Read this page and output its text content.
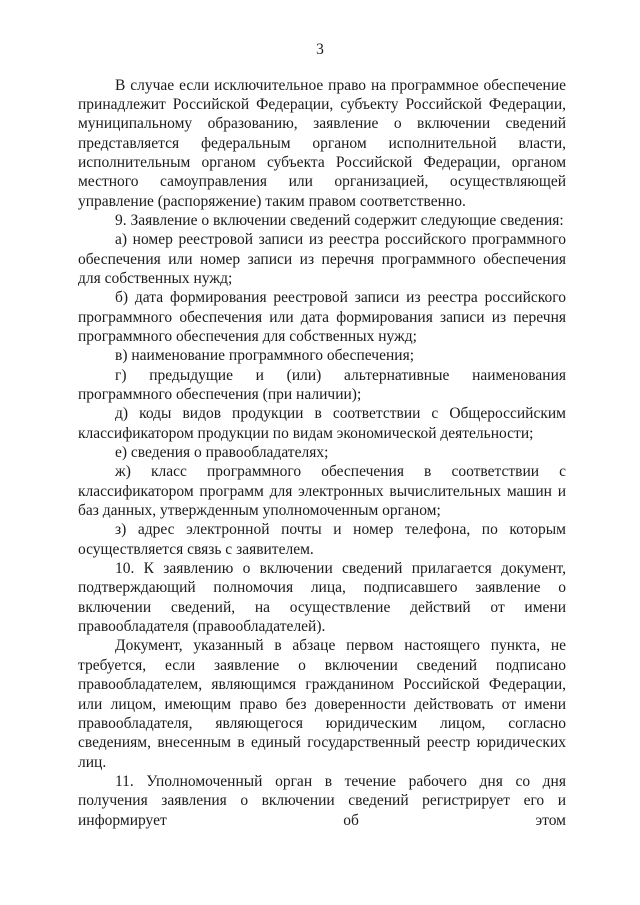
3

В случае если исключительное право на программное обеспечение принадлежит Российской Федерации, субъекту Российской Федерации, муниципальному образованию, заявление о включении сведений представляется федеральным органом исполнительной власти, исполнительным органом субъекта Российской Федерации, органом местного самоуправления или организацией, осуществляющей управление (распоряжение) таким правом соответственно.

9. Заявление о включении сведений содержит следующие сведения:

а) номер реестровой записи из реестра российского программного обеспечения или номер записи из перечня программного обеспечения для собственных нужд;

б) дата формирования реестровой записи из реестра российского программного обеспечения или дата формирования записи из перечня программного обеспечения для собственных нужд;

в) наименование программного обеспечения;

г) предыдущие и (или) альтернативные наименования программного обеспечения (при наличии);

д) коды видов продукции в соответствии с Общероссийским классификатором продукции по видам экономической деятельности;

е) сведения о правообладателях;

ж) класс программного обеспечения в соответствии с классификатором программ для электронных вычислительных машин и баз данных, утвержденным уполномоченным органом;

з) адрес электронной почты и номер телефона, по которым осуществляется связь с заявителем.

10. К заявлению о включении сведений прилагается документ, подтверждающий полномочия лица, подписавшего заявление о включении сведений, на осуществление действий от имени правообладателя (правообладателей).

Документ, указанный в абзаце первом настоящего пункта, не требуется, если заявление о включении сведений подписано правообладателем, являющимся гражданином Российской Федерации, или лицом, имеющим право без доверенности действовать от имени правообладателя, являющегося юридическим лицом, согласно сведениям, внесенным в единый государственный реестр юридических лиц.

11. Уполномоченный орган в течение рабочего дня со дня получения заявления о включении сведений регистрирует его и информирует об этом
